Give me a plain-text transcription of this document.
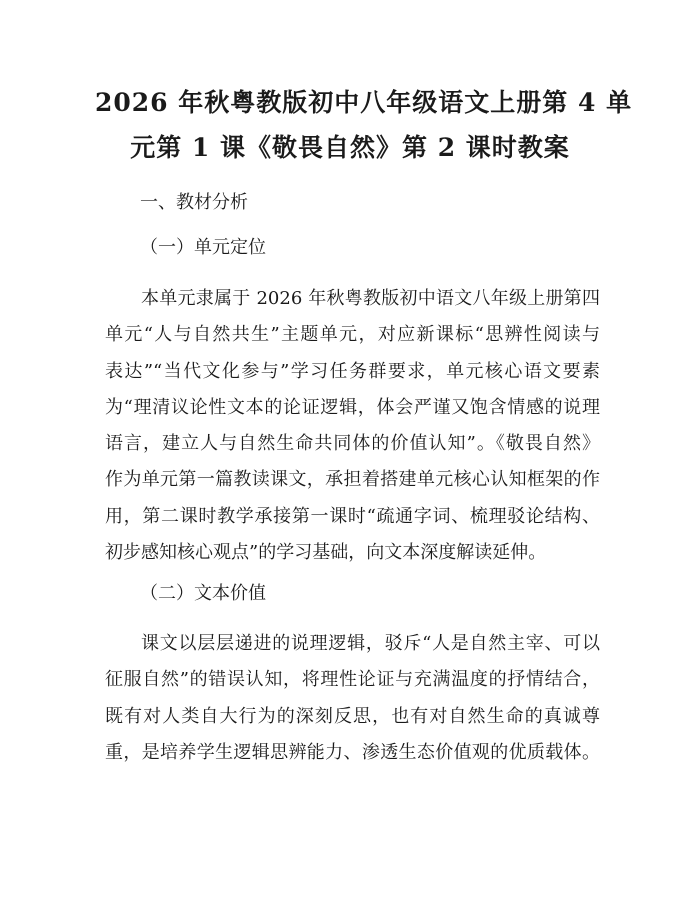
2026 年秋粤教版初中八年级语文上册第 4 单
元第 1 课《敬畏自然》第 2 课时教案
一、教材分析
（一）单元定位
本单元隶属于 2026 年秋粤教版初中语文八年级上册第四
单元“人与自然共生”主题单元，对应新课标“思辨性阅读与
表达”“当代文化参与”学习任务群要求，单元核心语文要素
为“理清议论性文本的论证逻辑，体会严谨又饱含情感的说理
语言，建立人与自然生命共同体的价值认知”。《敬畏自然》
作为单元第一篇教读课文，承担着搭建单元核心认知框架的作
用，第二课时教学承接第一课时“疏通字词、梳理驳论结构、
初步感知核心观点”的学习基础，向文本深度解读延伸。
（二）文本价值
课文以层层递进的说理逻辑，驳斥“人是自然主宰、可以
征服自然”的错误认知，将理性论证与充满温度的抒情结合，
既有对人类自大行为的深刻反思，也有对自然生命的真诚尊
重，是培养学生逻辑思辨能力、渗透生态价值观的优质载体。
